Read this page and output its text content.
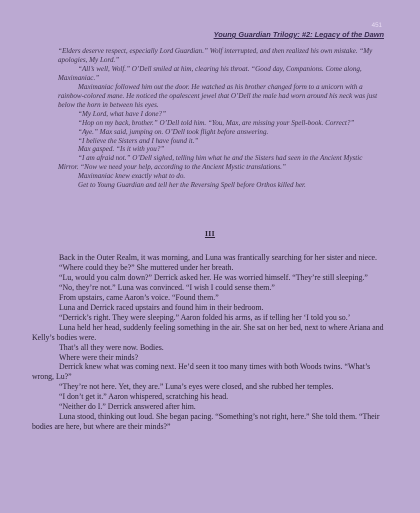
451
Young Guardian Trilogy: #2: Legacy of the Dawn

“Elders deserve respect, especially Lord Guardian.” Wolf interrupted, and then realized his own mistake. “My apologies, My Lord.”

“All’s well, Wolf.” O’Dell smiled at him, clearing his throat. “Good day, Companions. Come along, Maximaniac.”

Maximaniac followed him out the door. He watched as his brother changed form to a unicorn with a rainbow-colored mane. He noticed the opalescent jewel that O’Dell the male had worn around his neck was just below the horn in between his eyes.

“My Lord, what have I done?”

“Hop on my back, brother.” O’Dell told him. “You, Max, are missing your Spell-book. Correct?”

“Aye.” Max said, jumping on. O’Dell took flight before answering.

“I believe the Sisters and I have found it.”

Max gasped. “Is it with you?”

“I am afraid not.” O’Dell sighed, telling him what he and the Sisters had seen in the Ancient Mystic Mirror. “Now we need your help, according to the Ancient Mystic translations.”

Maximaniac knew exactly what to do.

Get to Young Guardian and tell her the Reversing Spell before Orthos killed her.

III

Back in the Outer Realm, it was morning, and Luna was frantically searching for her sister and niece.

“Where could they be?” She muttered under her breath.

“Lu, would you calm down?” Derrick asked her. He was worried himself. “They’re still sleeping.”

“No, they’re not.” Luna was convinced. “I wish I could sense them.”

From upstairs, came Aaron’s voice. “Found them.”

Luna and Derrick raced upstairs and found him in their bedroom.

“Derrick’s right. They were sleeping.” Aaron folded his arms, as if telling her ‘I told you so.’

Luna held her head, suddenly feeling something in the air. She sat on her bed, next to where Ariana and Kelly’s bodies were.

That’s all they were now. Bodies.

Where were their minds?

Derrick knew what was coming next. He’d seen it too many times with both Woods twins. “What’s wrong, Lu?”

“They’re not here. Yet, they are.” Luna’s eyes were closed, and she rubbed her temples.

“I don’t get it.” Aaron whispered, scratching his head.

“Neither do I.” Derrick answered after him.

Luna stood, thinking out loud. She began pacing. “Something’s not right, here.” She told them. “Their bodies are here, but where are their minds?”
